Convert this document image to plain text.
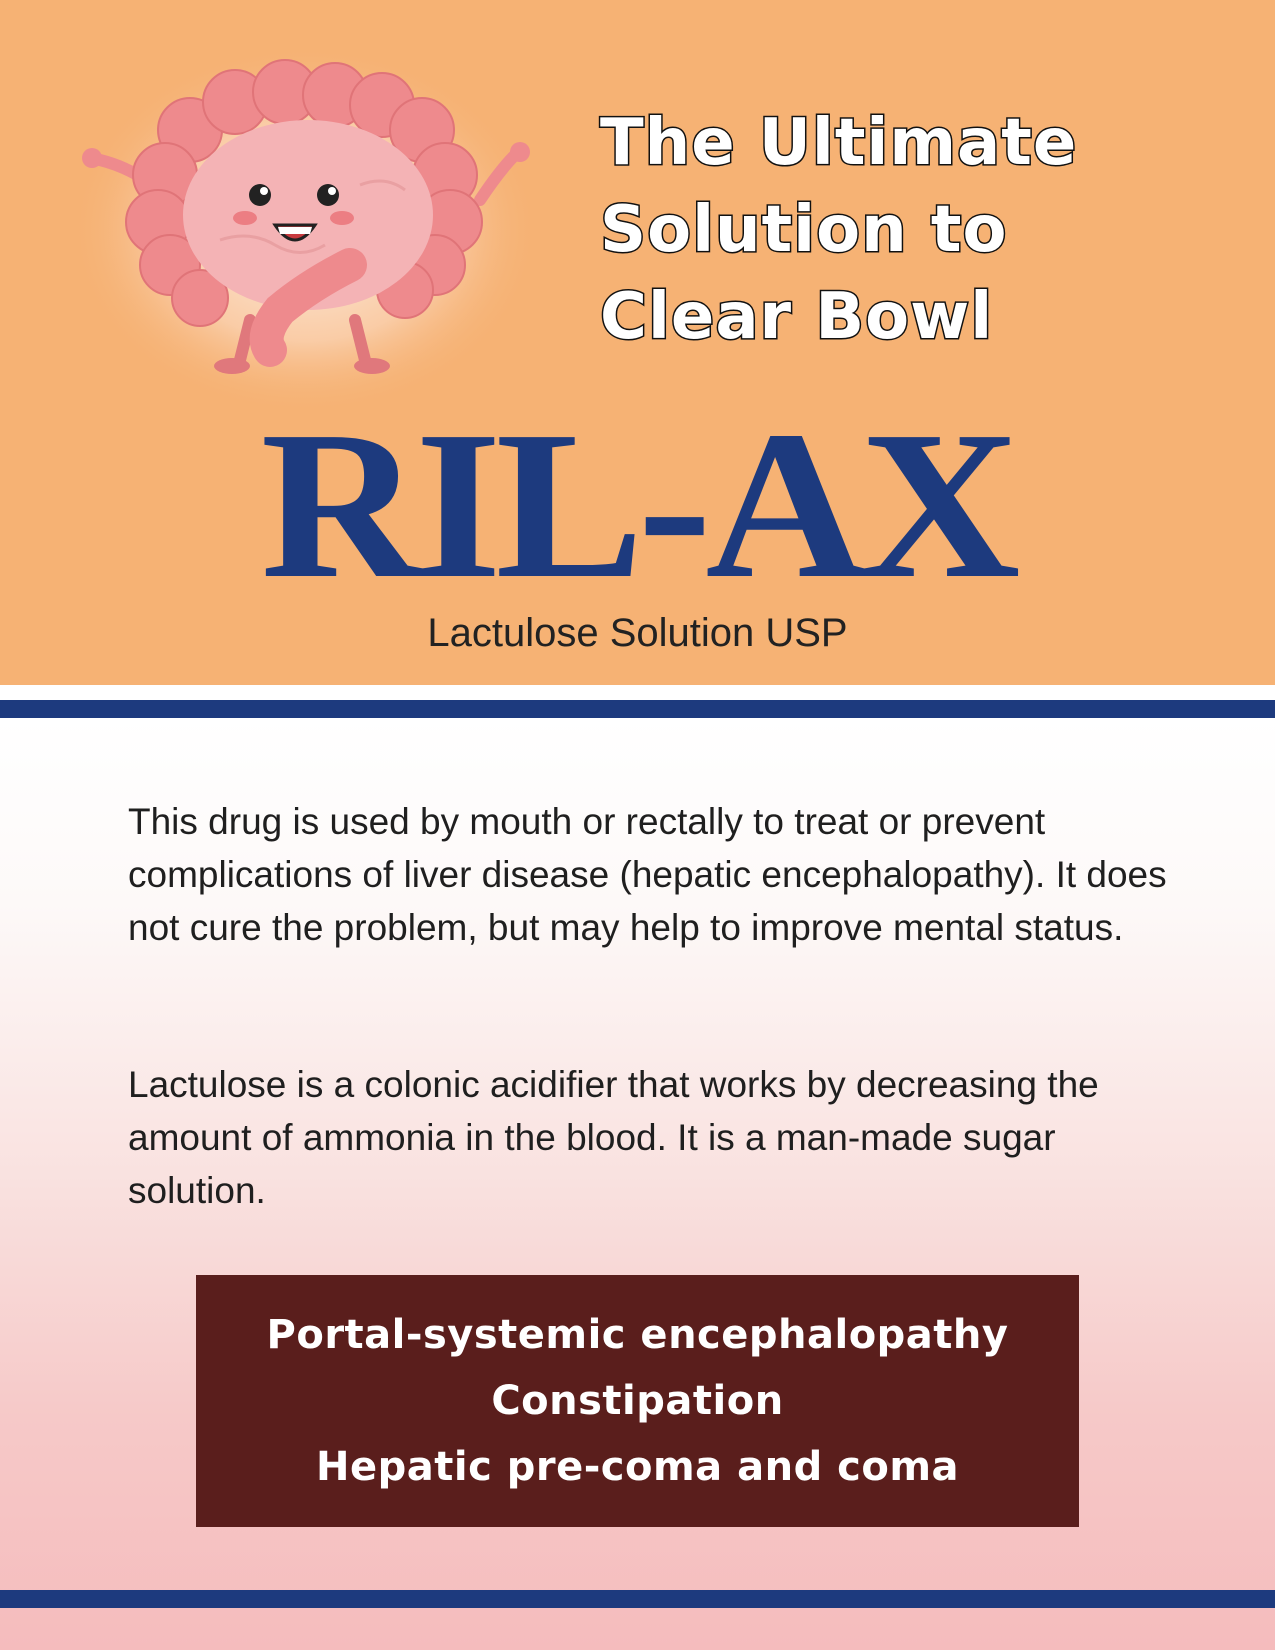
The Ultimate
Solution to
Clear Bowl
RIL-AX
Lactulose Solution USP

This drug is used by mouth or rectally to treat or prevent complications of liver disease (hepatic encephalopathy). It does not cure the problem, but may help to improve mental status.

Lactulose is a colonic acidifier that works by decreasing the amount of ammonia in the blood. It is a man-made sugar solution.

Portal-systemic encephalopathy
Constipation
Hepatic pre-coma and coma
